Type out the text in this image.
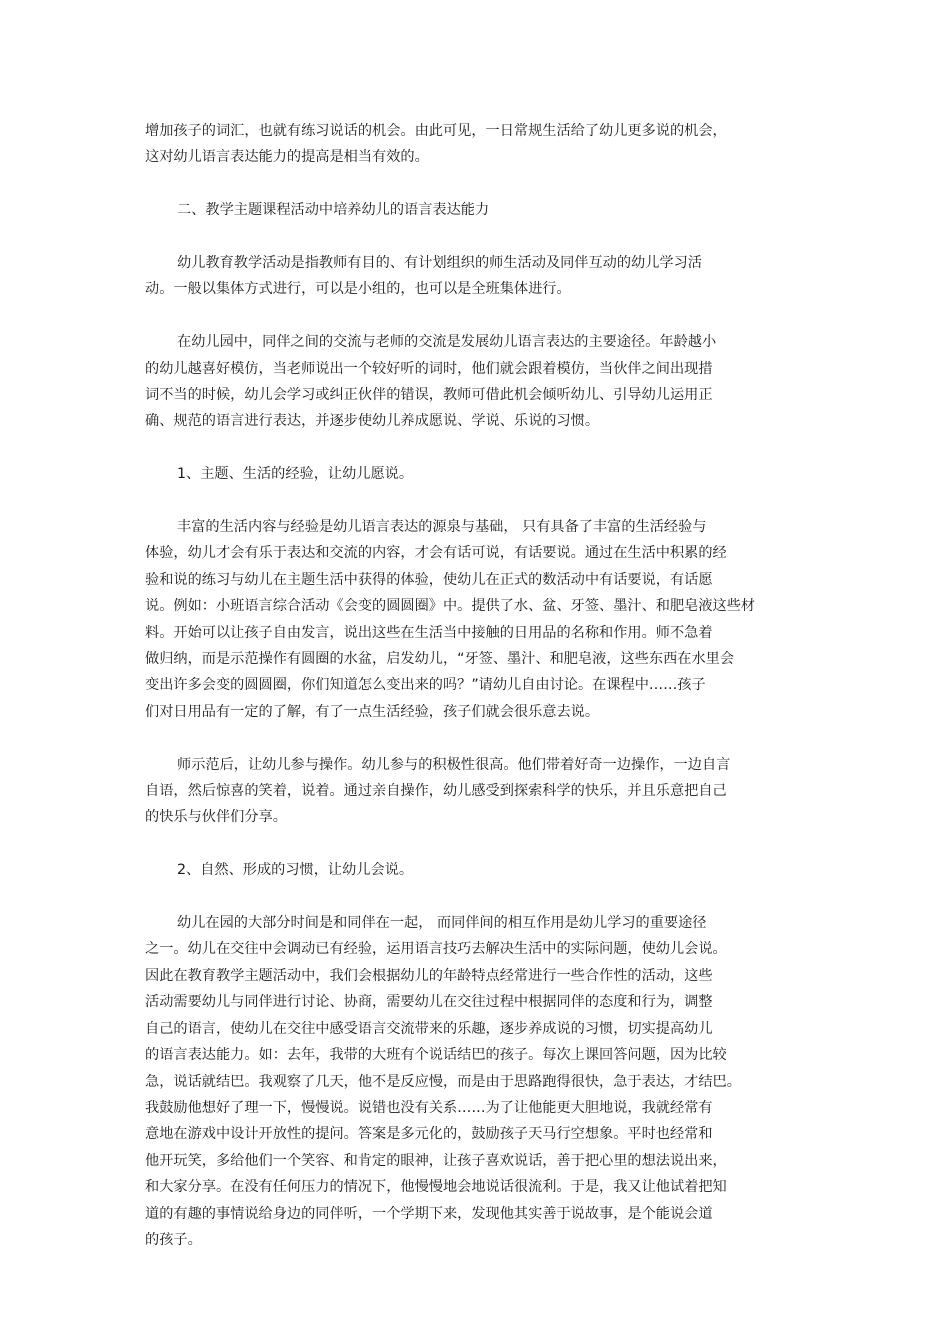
增加孩子的词汇，也就有练习说话的机会。由此可见，一日常规生活给了幼儿更多说的机会，
这对幼儿语言表达能力的提高是相当有效的。

二、教学主题课程活动中培养幼儿的语言表达能力

幼儿教育教学活动是指教师有目的、有计划组织的师生活动及同伴互动的幼儿学习活
动。一般以集体方式进行，可以是小组的，也可以是全班集体进行。

在幼儿园中，同伴之间的交流与老师的交流是发展幼儿语言表达的主要途径。年龄越小
的幼儿越喜好模仿，当老师说出一个较好听的词时，他们就会跟着模仿，当伙伴之间出现措
词不当的时候，幼儿会学习或纠正伙伴的错误，教师可借此机会倾听幼儿、引导幼儿运用正
确、规范的语言进行表达，并逐步使幼儿养成愿说、学说、乐说的习惯。

1、主题、生活的经验，让幼儿愿说。

丰富的生活内容与经验是幼儿语言表达的源泉与基础， 只有具备了丰富的生活经验与
体验，幼儿才会有乐于表达和交流的内容，才会有话可说，有话要说。通过在生活中积累的经
验和说的练习与幼儿在主题生活中获得的体验，使幼儿在正式的数活动中有话要说，有话愿
说。例如：小班语言综合活动《会变的圆圆圈》中。提供了水、盆、牙签、墨汁、和肥皂液这些材
料。开始可以让孩子自由发言，说出这些在生活当中接触的日用品的名称和作用。师不急着
做归纳，而是示范操作有圆圈的水盆，启发幼儿，“牙签、墨汁、和肥皂液，这些东西在水里会
变出许多会变的圆圆圈，你们知道怎么变出来的吗？”请幼儿自由讨论。在课程中……孩子
们对日用品有一定的了解，有了一点生活经验，孩子们就会很乐意去说。

师示范后，让幼儿参与操作。幼儿参与的积极性很高。他们带着好奇一边操作，一边自言
自语，然后惊喜的笑着，说着。通过亲自操作，幼儿感受到探索科学的快乐，并且乐意把自己
的快乐与伙伴们分享。

2、自然、形成的习惯，让幼儿会说。

幼儿在园的大部分时间是和同伴在一起， 而同伴间的相互作用是幼儿学习的重要途径
之一。幼儿在交往中会调动已有经验，运用语言技巧去解决生活中的实际问题，使幼儿会说。
因此在教育教学主题活动中，我们会根据幼儿的年龄特点经常进行一些合作性的活动，这些
活动需要幼儿与同伴进行讨论、协商，需要幼儿在交往过程中根据同伴的态度和行为，调整
自己的语言，使幼儿在交往中感受语言交流带来的乐趣，逐步养成说的习惯，切实提高幼儿
的语言表达能力。如：去年，我带的大班有个说话结巴的孩子。每次上课回答问题，因为比较
急，说话就结巴。我观察了几天，他不是反应慢，而是由于思路跑得很快，急于表达，才结巴。
我鼓励他想好了理一下，慢慢说。说错也没有关系……为了让他能更大胆地说，我就经常有
意地在游戏中设计开放性的提问。答案是多元化的，鼓励孩子天马行空想象。平时也经常和
他开玩笑，多给他们一个笑容、和肯定的眼神，让孩子喜欢说话，善于把心里的想法说出来，
和大家分享。在没有任何压力的情况下，他慢慢地会地说话很流利。于是，我又让他试着把知
道的有趣的事情说给身边的同伴听，一个学期下来，发现他其实善于说故事，是个能说会道
的孩子。
